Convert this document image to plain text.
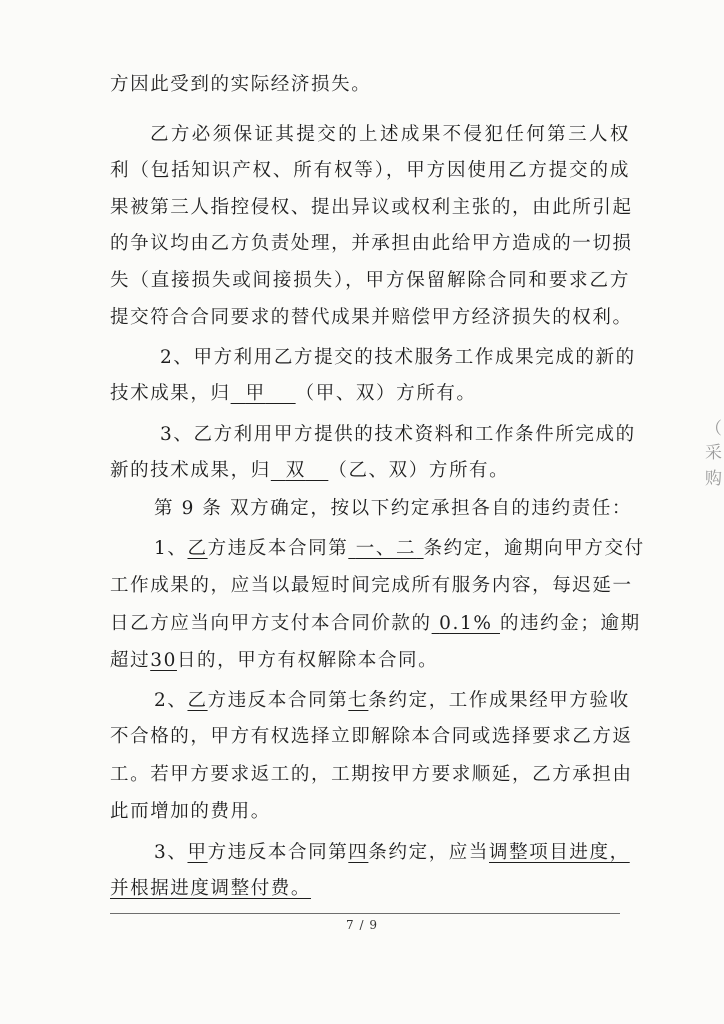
方因此受到的实际经济损失。
乙方必须保证其提交的上述成果不侵犯任何第三人权
利（包括知识产权、所有权等），甲方因使用乙方提交的成
果被第三人指控侵权、提出异议或权利主张的，由此所引起
的争议均由乙方负责处理，并承担由此给甲方造成的一切损
失（直接损失或间接损失），甲方保留解除合同和要求乙方
提交符合合同要求的替代成果并赔偿甲方经济损失的权利。
2、甲方利用乙方提交的技术服务工作成果完成的新的
技术成果，归 甲 （甲、双）方所有。
3、乙方利用甲方提供的技术资料和工作条件所完成的
新的技术成果，归 双 （乙、双）方所有。
第 9 条 双方确定，按以下约定承担各自的违约责任：
1、乙方违反本合同第 一、二 条约定，逾期向甲方交付
工作成果的，应当以最短时间完成所有服务内容，每迟延一
日乙方应当向甲方支付本合同价款的 0.1% 的违约金；逾期
超过30日的，甲方有权解除本合同。
2、乙方违反本合同第七条约定，工作成果经甲方验收
不合格的，甲方有权选择立即解除本合同或选择要求乙方返
工。若甲方要求返工的，工期按甲方要求顺延，乙方承担由
此而增加的费用。
3、甲方违反本合同第四条约定，应当调整项目进度，
并根据进度调整付费。
7 / 9
（
采
购
